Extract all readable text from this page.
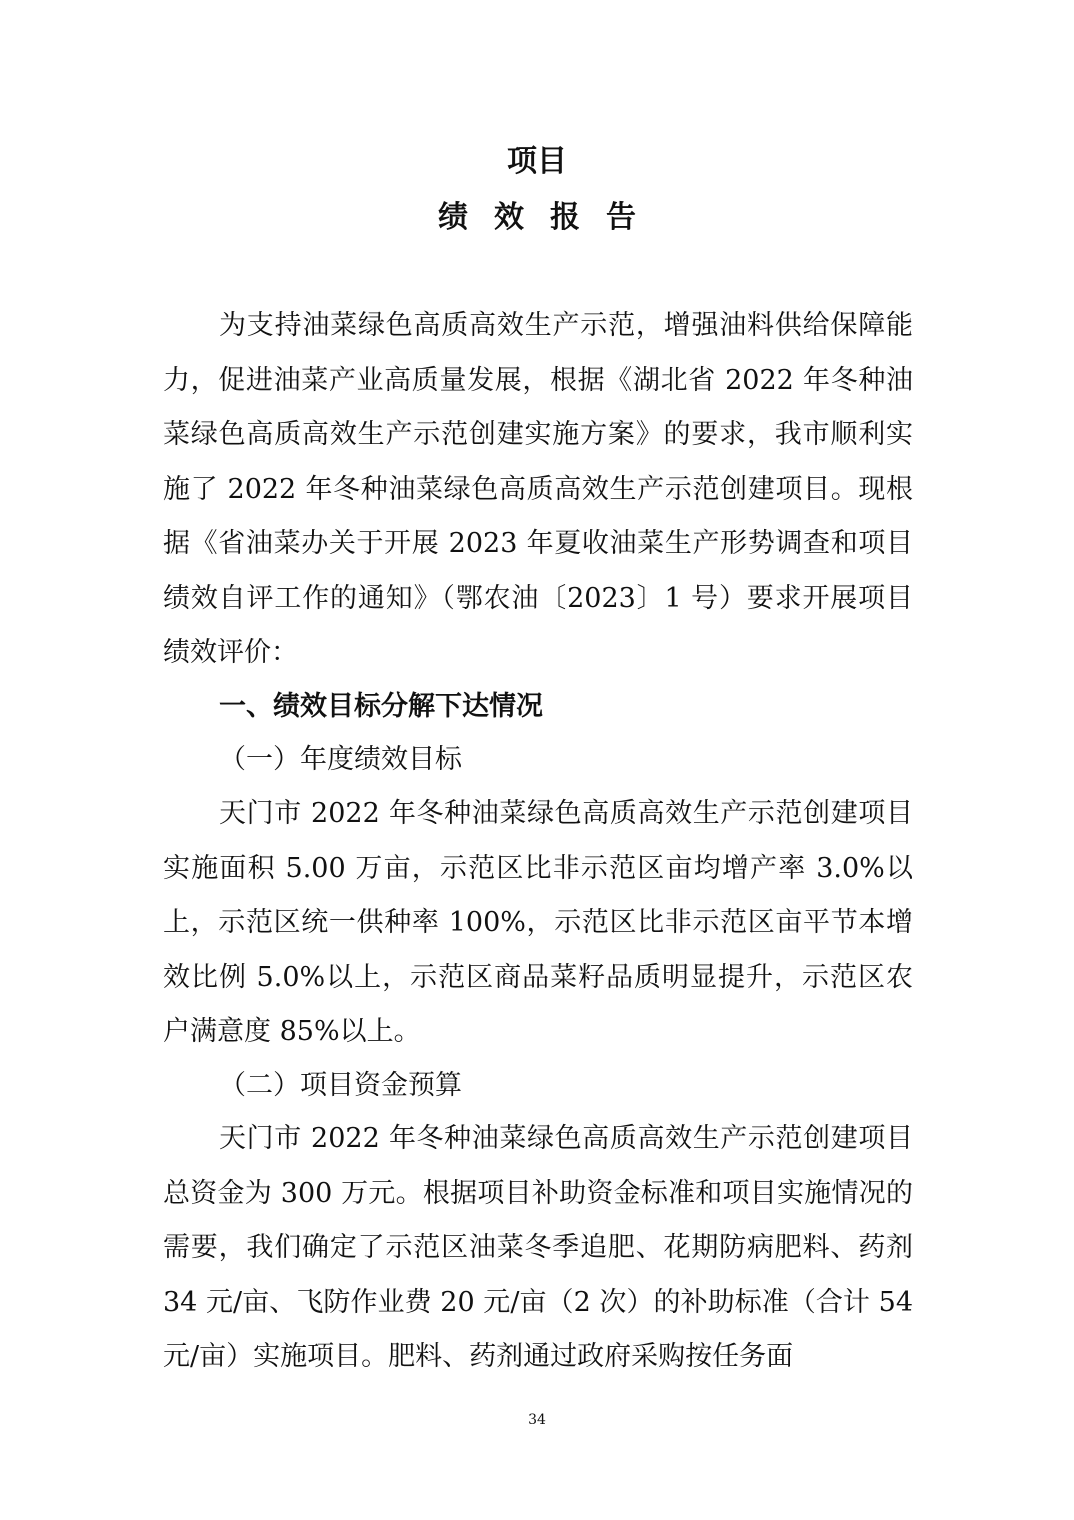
项目
绩效报告

为支持油菜绿色高质高效生产示范，增强油料供给保障能力，促进油菜产业高质量发展，根据《湖北省 2022 年冬种油菜绿色高质高效生产示范创建实施方案》的要求，我市顺利实施了 2022 年冬种油菜绿色高质高效生产示范创建项目。现根据《省油菜办关于开展 2023 年夏收油菜生产形势调查和项目绩效自评工作的通知》（鄂农油〔2023〕1 号）要求开展项目绩效评价：

一、绩效目标分解下达情况
（一）年度绩效目标

天门市 2022 年冬种油菜绿色高质高效生产示范创建项目实施面积 5.00 万亩，示范区比非示范区亩均增产率 3.0%以上，示范区统一供种率 100%，示范区比非示范区亩平节本增效比例 5.0%以上，示范区商品菜籽品质明显提升，示范区农户满意度 85%以上。

（二）项目资金预算

天门市 2022 年冬种油菜绿色高质高效生产示范创建项目总资金为 300 万元。根据项目补助资金标准和项目实施情况的需要，我们确定了示范区油菜冬季追肥、花期防病肥料、药剂 34 元/亩、飞防作业费 20 元/亩（2 次）的补助标准（合计 54 元/亩）实施项目。肥料、药剂通过政府采购按任务面

34
